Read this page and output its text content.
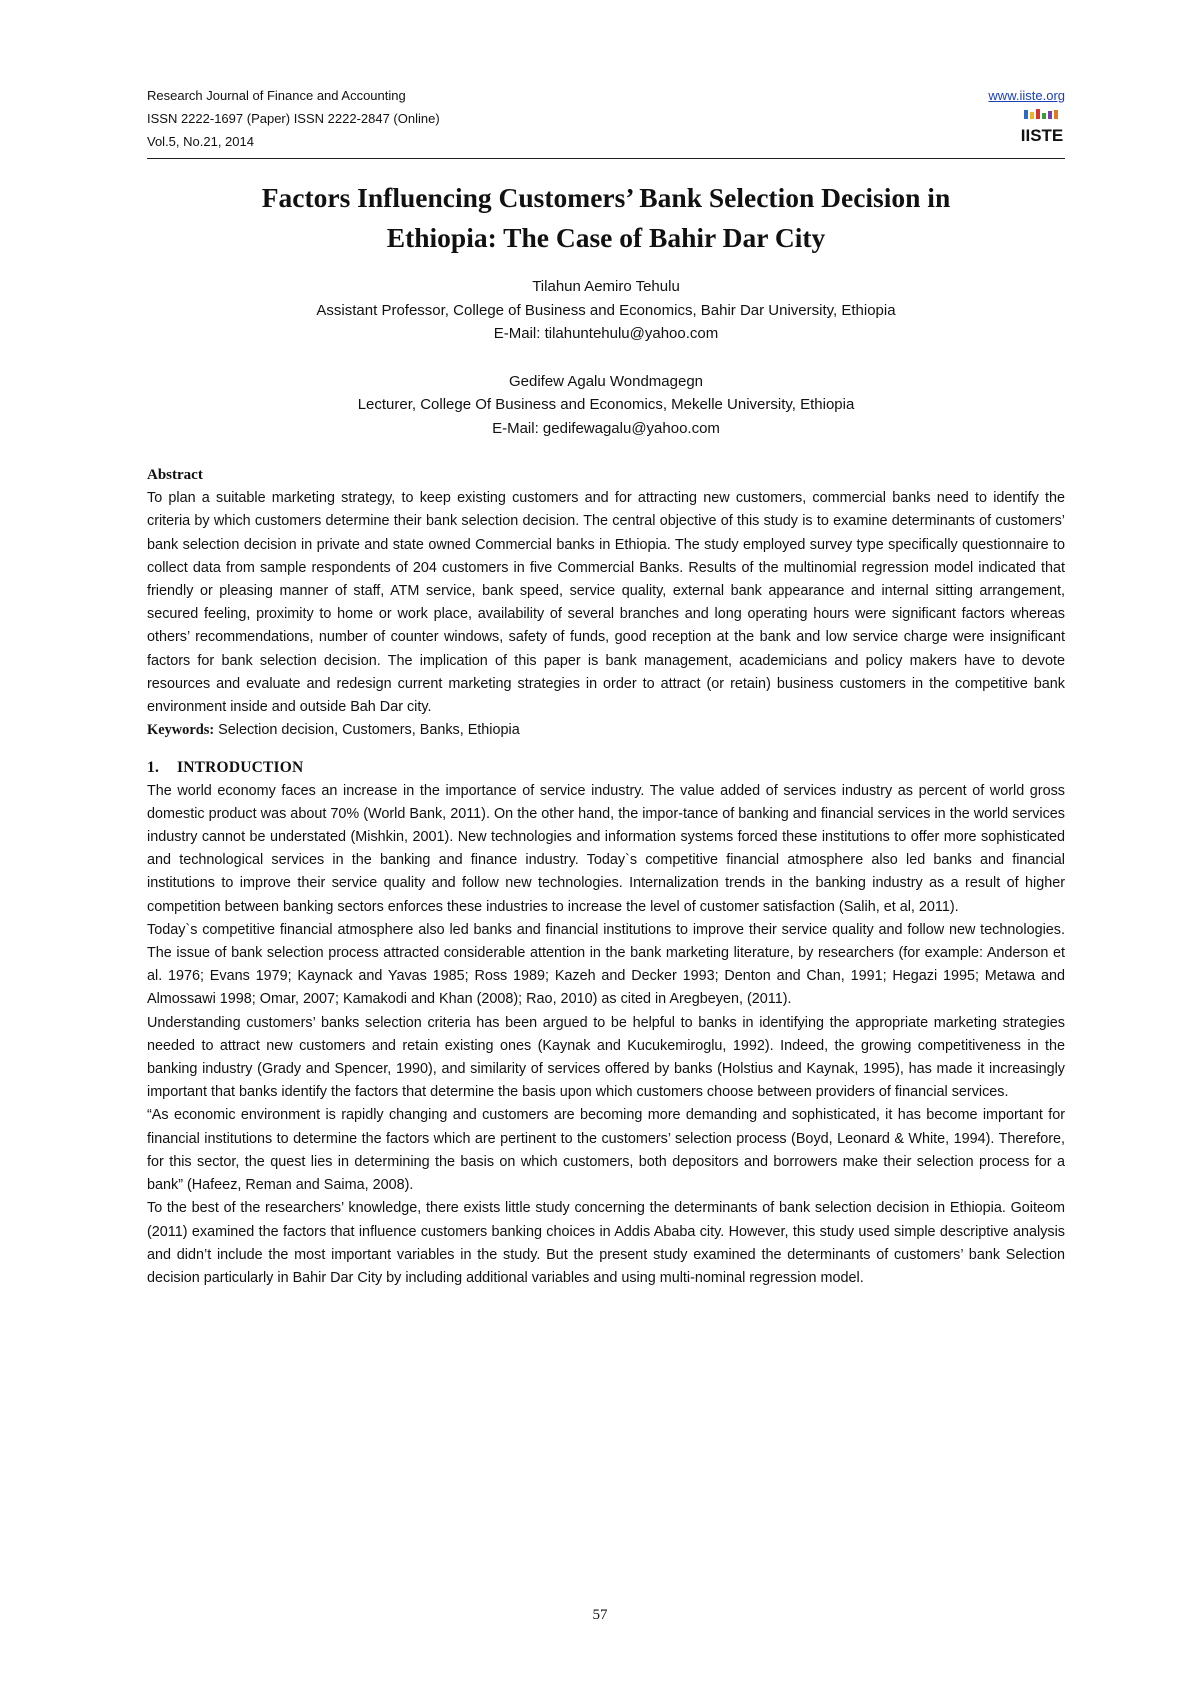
Research Journal of Finance and Accounting
ISSN 2222-1697 (Paper) ISSN 2222-2847 (Online)
Vol.5, No.21, 2014
www.iiste.org
IISTE
Factors Influencing Customers’ Bank Selection Decision in
Ethiopia: The Case of Bahir Dar City
Tilahun Aemiro Tehulu
Assistant Professor, College of Business and Economics, Bahir Dar University, Ethiopia
E-Mail: tilahuntehulu@yahoo.com
Gedifew Agalu Wondmagegn
Lecturer, College Of Business and Economics, Mekelle University, Ethiopia
E-Mail: gedifewagalu@yahoo.com

Abstract

To plan a suitable marketing strategy, to keep existing customers and for attracting new customers, commercial banks need to identify the criteria by which customers determine their bank selection decision. The central objective of this study is to examine determinants of customers’ bank selection decision in private and state owned Commercial banks in Ethiopia. The study employed survey type specifically questionnaire to collect data from sample respondents of 204 customers in five Commercial Banks. Results of the multinomial regression model indicated that friendly or pleasing manner of staff, ATM service, bank speed, service quality, external bank appearance and internal sitting arrangement, secured feeling, proximity to home or work place, availability of several branches and long operating hours were significant factors whereas others’ recommendations, number of counter windows, safety of funds, good reception at the bank and low service charge were insignificant factors for bank selection decision. The implication of this paper is bank management, academicians and policy makers have to devote resources and evaluate and redesign current marketing strategies in order to attract (or retain) business customers in the competitive bank environment inside and outside Bah Dar city.

Keywords: Selection decision, Customers, Banks, Ethiopia

1. INTRODUCTION

The world economy faces an increase in the importance of service industry. The value added of services industry as percent of world gross domestic product was about 70% (World Bank, 2011). On the other hand, the impor-tance of banking and financial services in the world services industry cannot be understated (Mishkin, 2001). New technologies and information systems forced these institutions to offer more sophisticated and technological services in the banking and finance industry. Today`s competitive financial atmosphere also led banks and financial institutions to improve their service quality and follow new technologies. Internalization trends in the banking industry as a result of higher competition between banking sectors enforces these industries to increase the level of customer satisfaction (Salih, et al, 2011).

Today`s competitive financial atmosphere also led banks and financial institutions to improve their service quality and follow new technologies. The issue of bank selection process attracted considerable attention in the bank marketing literature, by researchers (for example: Anderson et al. 1976; Evans 1979; Kaynack and Yavas 1985; Ross 1989; Kazeh and Decker 1993; Denton and Chan, 1991; Hegazi 1995; Metawa and Almossawi 1998; Omar, 2007; Kamakodi and Khan (2008); Rao, 2010) as cited in Aregbeyen, (2011).

Understanding customers’ banks selection criteria has been argued to be helpful to banks in identifying the appropriate marketing strategies needed to attract new customers and retain existing ones (Kaynak and Kucukemiroglu, 1992). Indeed, the growing competitiveness in the banking industry (Grady and Spencer, 1990), and similarity of services offered by banks (Holstius and Kaynak, 1995), has made it increasingly important that banks identify the factors that determine the basis upon which customers choose between providers of financial services.

“As economic environment is rapidly changing and customers are becoming more demanding and sophisticated, it has become important for financial institutions to determine the factors which are pertinent to the customers’ selection process (Boyd, Leonard & White, 1994). Therefore, for this sector, the quest lies in determining the basis on which customers, both depositors and borrowers make their selection process for a bank” (Hafeez, Reman and Saima, 2008).

To the best of the researchers’ knowledge, there exists little study concerning the determinants of bank selection decision in Ethiopia. Goiteom (2011) examined the factors that influence customers banking choices in Addis Ababa city. However, this study used simple descriptive analysis and didn’t include the most important variables in the study. But the present study examined the determinants of customers’ bank Selection decision particularly in Bahir Dar City by including additional variables and using multi-nominal regression model.

57
